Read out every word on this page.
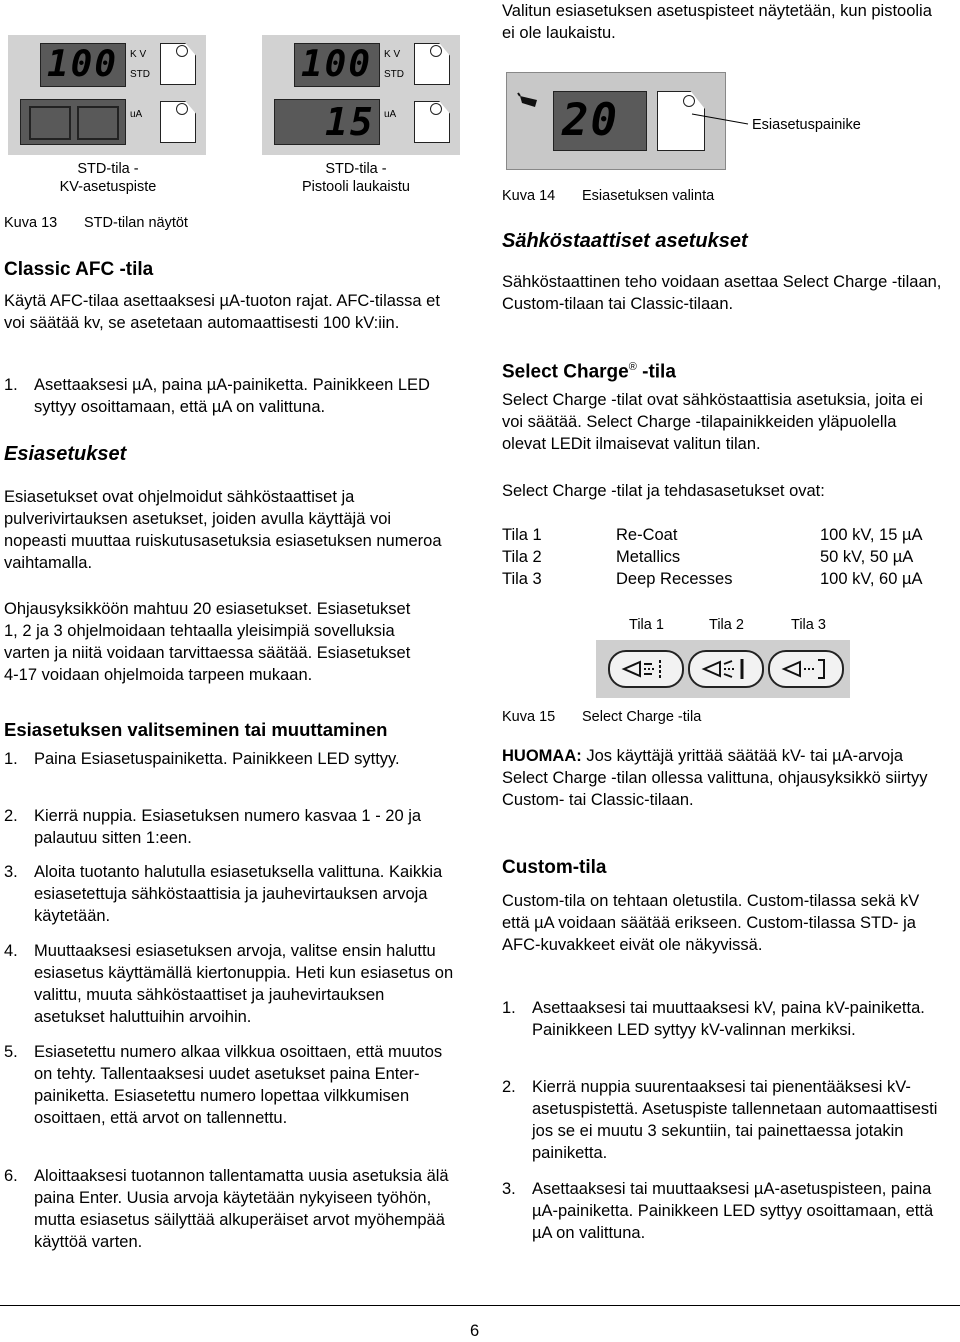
Valitun esiasetuksen asetuspisteet näytetään, kun pistoolia ei ole laukaistu.
100 K V
STD
uA
100 K V
STD
15 uA
STD-tila -
KV-asetuspiste
STD-tila -
Pistooli laukaistu
Kuva 13 STD-tilan näytöt
20	Esiasetuspainike
Kuva 14 Esiasetuksen valinta
Classic AFC -tila
Käytä AFC-tilaa asettaaksesi µA-tuoton rajat. AFC-tilassa et voi säätää kv, se asetetaan automaattisesti 100 kV:iin.
1. Asettaaksesi µA, paina µA-painiketta. Painikkeen LED syttyy osoittamaan, että µA on valittuna.
Esiasetukset
Esiasetukset ovat ohjelmoidut sähköstaattiset ja pulverivirtauksen asetukset, joiden avulla käyttäjä voi nopeasti muuttaa ruiskutusasetuksia esiasetuksen numeroa vaihtamalla.
Ohjausyksikköön mahtuu 20 esiasetukset. Esiasetukset 1, 2 ja 3 ohjelmoidaan tehtaalla yleisimpiä sovelluksia varten ja niitä voidaan tarvittaessa säätää. Esiasetukset 4-17 voidaan ohjelmoida tarpeen mukaan.
Esiasetuksen valitseminen tai muuttaminen
1. Paina Esiasetuspainiketta. Painikkeen LED syttyy.
2. Kierrä nuppia. Esiasetuksen numero kasvaa 1 - 20 ja palautuu sitten 1:een.
3. Aloita tuotanto halutulla esiasetuksella valittuna. Kaikkia esiasetettuja sähköstaattisia ja jauhevirtauksen arvoja käytetään.
4. Muuttaaksesi esiasetuksen arvoja, valitse ensin haluttu esiasetus käyttämällä kiertonuppia. Heti kun esiasetus on valittu, muuta sähköstaattiset ja jauhevirtauksen asetukset haluttuihin arvoihin.
5. Esiasetettu numero alkaa vilkkua osoittaen, että muutos on tehty. Tallentaaksesi uudet asetukset paina Enter-painiketta. Esiasetettu numero lopettaa vilkkumisen osoittaen, että arvot on tallennettu.
6. Aloittaaksesi tuotannon tallentamatta uusia asetuksia älä paina Enter. Uusia arvoja käytetään nykyiseen työhön, mutta esiasetus säilyttää alkuperäiset arvot myöhempää käyttöä varten.
Sähköstaattiset asetukset
Sähköstaattinen teho voidaan asettaa Select Charge -tilaan, Custom-tilaan tai Classic-tilaan.
Select Charge® -tila
Select Charge -tilat ovat sähköstaattisia asetuksia, joita ei voi säätää. Select Charge -tilapainikkeiden yläpuolella olevat LEDit ilmaisevat valitun tilan.
Select Charge -tilat ja tehdasasetukset ovat:
Tila 1	Re-Coat	100 kV, 15 µA
Tila 2	Metallics	50 kV, 50 µA
Tila 3	Deep Recesses	100 kV, 60 µA
Tila 1	Tila 2	Tila 3
Kuva 15 Select Charge -tila
HUOMAA: Jos käyttäjä yrittää säätää kV- tai µA-arvoja Select Charge -tilan ollessa valittuna, ohjausyksikkö siirtyy Custom- tai Classic-tilaan.
Custom-tila
Custom-tila on tehtaan oletustila. Custom-tilassa sekä kV että µA voidaan säätää erikseen. Custom-tilassa STD- ja AFC-kuvakkeet eivät ole näkyvissä.
1. Asettaaksesi tai muuttaaksesi kV, paina kV-painiketta. Painikkeen LED syttyy kV-valinnan merkiksi.
2. Kierrä nuppia suurentaaksesi tai pienentääksesi kV-asetuspistettä. Asetuspiste tallennetaan automaattisesti jos se ei muutu 3 sekuntiin, tai painettaessa jotakin painiketta.
3. Asettaaksesi tai muuttaaksesi µA-asetuspisteen, paina µA-painiketta. Painikkeen LED syttyy osoittamaan, että µA on valittuna.
6
